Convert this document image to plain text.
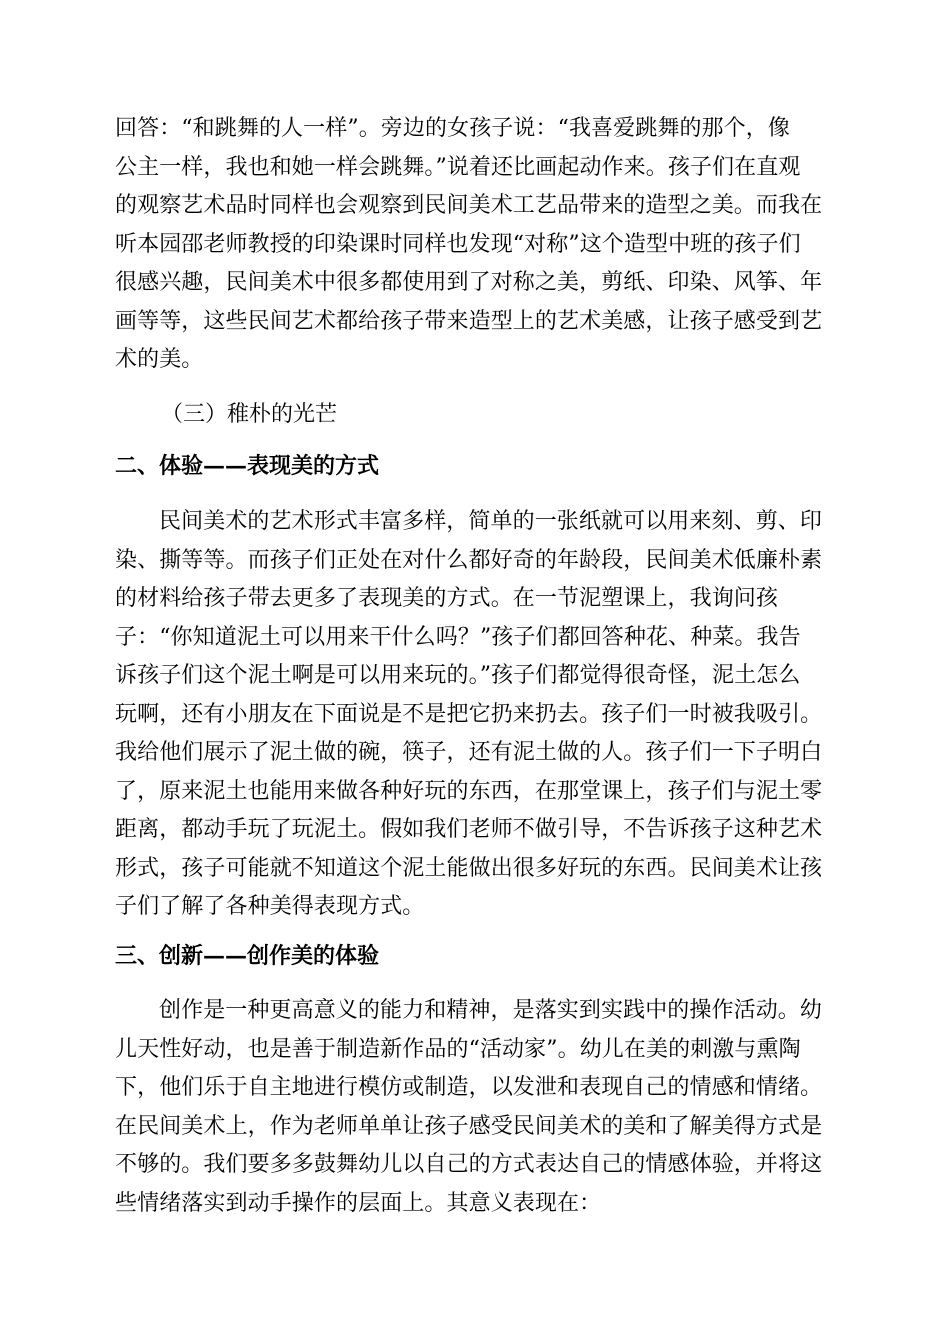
回答：“和跳舞的人一样”。旁边的女孩子说：“我喜爱跳舞的那个，像
公主一样，我也和她一样会跳舞。”说着还比画起动作来。孩子们在直观
的观察艺术品时同样也会观察到民间美术工艺品带来的造型之美。而我在
听本园邵老师教授的印染课时同样也发现“对称”这个造型中班的孩子们
很感兴趣，民间美术中很多都使用到了对称之美，剪纸、印染、风筝、年
画等等，这些民间艺术都给孩子带来造型上的艺术美感，让孩子感受到艺
术的美。
（三）稚朴的光芒
二、体验——表现美的方式
民间美术的艺术形式丰富多样，简单的一张纸就可以用来刻、剪、印
染、撕等等。而孩子们正处在对什么都好奇的年龄段，民间美术低廉朴素
的材料给孩子带去更多了表现美的方式。在一节泥塑课上，我询问孩
子：“你知道泥土可以用来干什么吗？”孩子们都回答种花、种菜。我告
诉孩子们这个泥土啊是可以用来玩的。”孩子们都觉得很奇怪，泥土怎么
玩啊，还有小朋友在下面说是不是把它扔来扔去。孩子们一时被我吸引。
我给他们展示了泥土做的碗，筷子，还有泥土做的人。孩子们一下子明白
了，原来泥土也能用来做各种好玩的东西，在那堂课上，孩子们与泥土零
距离，都动手玩了玩泥土。假如我们老师不做引导，不告诉孩子这种艺术
形式，孩子可能就不知道这个泥土能做出很多好玩的东西。民间美术让孩
子们了解了各种美得表现方式。
三、创新——创作美的体验
创作是一种更高意义的能力和精神，是落实到实践中的操作活动。幼
儿天性好动，也是善于制造新作品的“活动家”。幼儿在美的刺激与熏陶
下，他们乐于自主地进行模仿或制造，以发泄和表现自己的情感和情绪。
在民间美术上，作为老师单单让孩子感受民间美术的美和了解美得方式是
不够的。我们要多多鼓舞幼儿以自己的方式表达自己的情感体验，并将这
些情绪落实到动手操作的层面上。其意义表现在：
